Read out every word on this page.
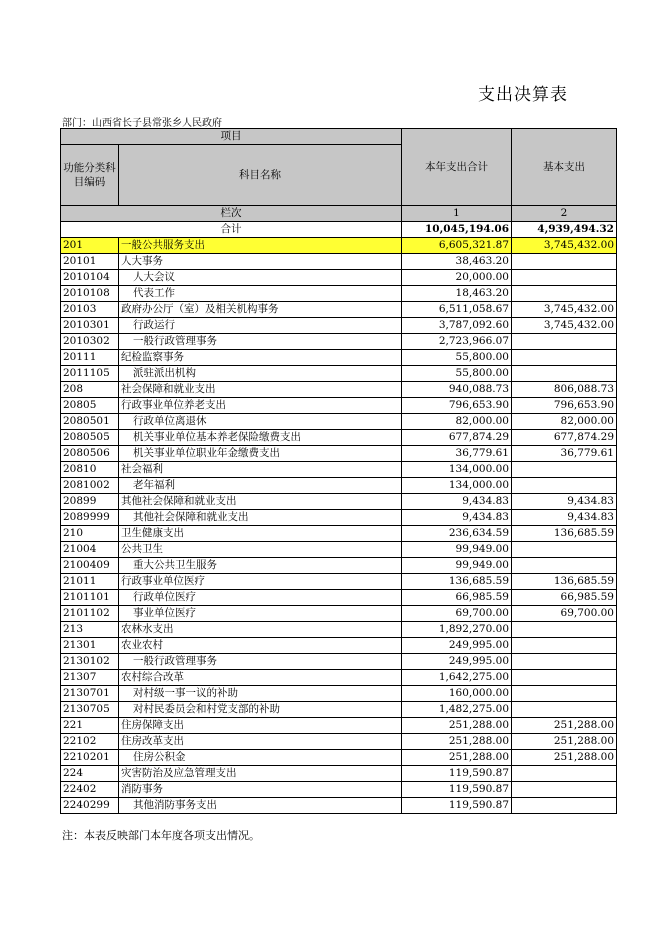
支出决算表
部门：山西省长子县常张乡人民政府
项目		本年支出合计	基本支出
功能分类科目编码	科目名称		
栏次		1	2
合计		10,045,194.06	4,939,494.32
201	一般公共服务支出	6,605,321.87	3,745,432.00
20101	人大事务	38,463.20	
2010104	人大会议	20,000.00	
2010108	代表工作	18,463.20	
20103	政府办公厅（室）及相关机构事务	6,511,058.67	3,745,432.00
2010301	行政运行	3,787,092.60	3,745,432.00
2010302	一般行政管理事务	2,723,966.07	
20111	纪检监察事务	55,800.00	
2011105	派驻派出机构	55,800.00	
208	社会保障和就业支出	940,088.73	806,088.73
20805	行政事业单位养老支出	796,653.90	796,653.90
2080501	行政单位离退休	82,000.00	82,000.00
2080505	机关事业单位基本养老保险缴费支出	677,874.29	677,874.29
2080506	机关事业单位职业年金缴费支出	36,779.61	36,779.61
20810	社会福利	134,000.00	
2081002	老年福利	134,000.00	
20899	其他社会保障和就业支出	9,434.83	9,434.83
2089999	其他社会保障和就业支出	9,434.83	9,434.83
210	卫生健康支出	236,634.59	136,685.59
21004	公共卫生	99,949.00	
2100409	重大公共卫生服务	99,949.00	
21011	行政事业单位医疗	136,685.59	136,685.59
2101101	行政单位医疗	66,985.59	66,985.59
2101102	事业单位医疗	69,700.00	69,700.00
213	农林水支出	1,892,270.00	
21301	农业农村	249,995.00	
2130102	一般行政管理事务	249,995.00	
21307	农村综合改革	1,642,275.00	
2130701	对村级一事一议的补助	160,000.00	
2130705	对村民委员会和村党支部的补助	1,482,275.00	
221	住房保障支出	251,288.00	251,288.00
22102	住房改革支出	251,288.00	251,288.00
2210201	住房公积金	251,288.00	251,288.00
224	灾害防治及应急管理支出	119,590.87	
22402	消防事务	119,590.87	
2240299	其他消防事务支出	119,590.87	
注：本表反映部门本年度各项支出情况。
